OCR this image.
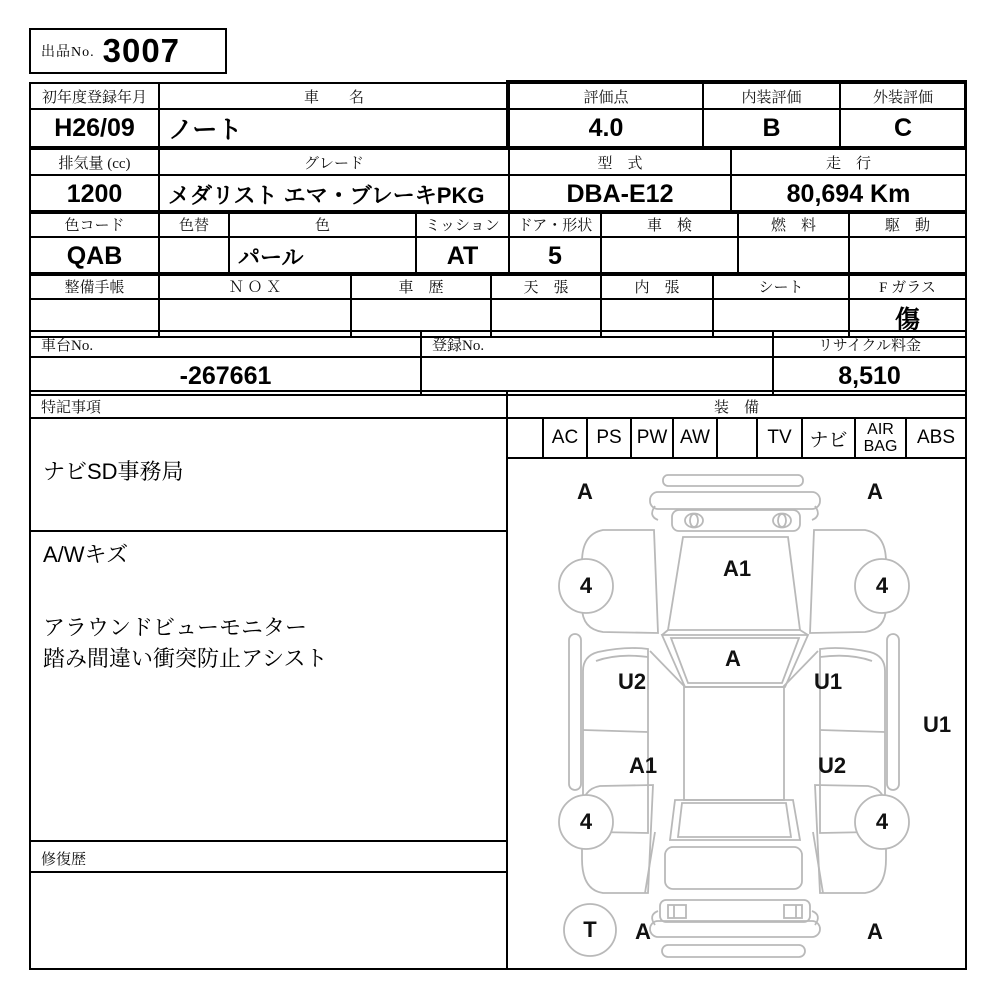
出品No. 3007
初年度登録年月	車　　名	評価点	内装評価	外装評価
H26/09	ノート	4.0	B	C
排気量 (cc)	グレード	型　式	走　行
1200	メダリスト エマ・ブレーキPKG	DBA-E12	80,694 Km
色コード	色替	色	ミッション	ドア・形状	車　検	燃　料	駆　動
QAB		パール	AT	5			
整備手帳	Ｎ Ｏ Ｘ	車　歴	天　張	内　張	シート	F ガラス
						傷
車台No.	登録No.	リサイクル料金
-267661		8,510
特記事項
ナビSD事務局

A/Wキズ

アラウンドビューモニター

踏み間違い衝突防止アシスト

修復歴
装　備
AC PS PW AW	TV ナビ	AIR BAG	ABS
A	A
4	4
A1
A
U2	U1
U1
A1	U2
4	4
T A	A
